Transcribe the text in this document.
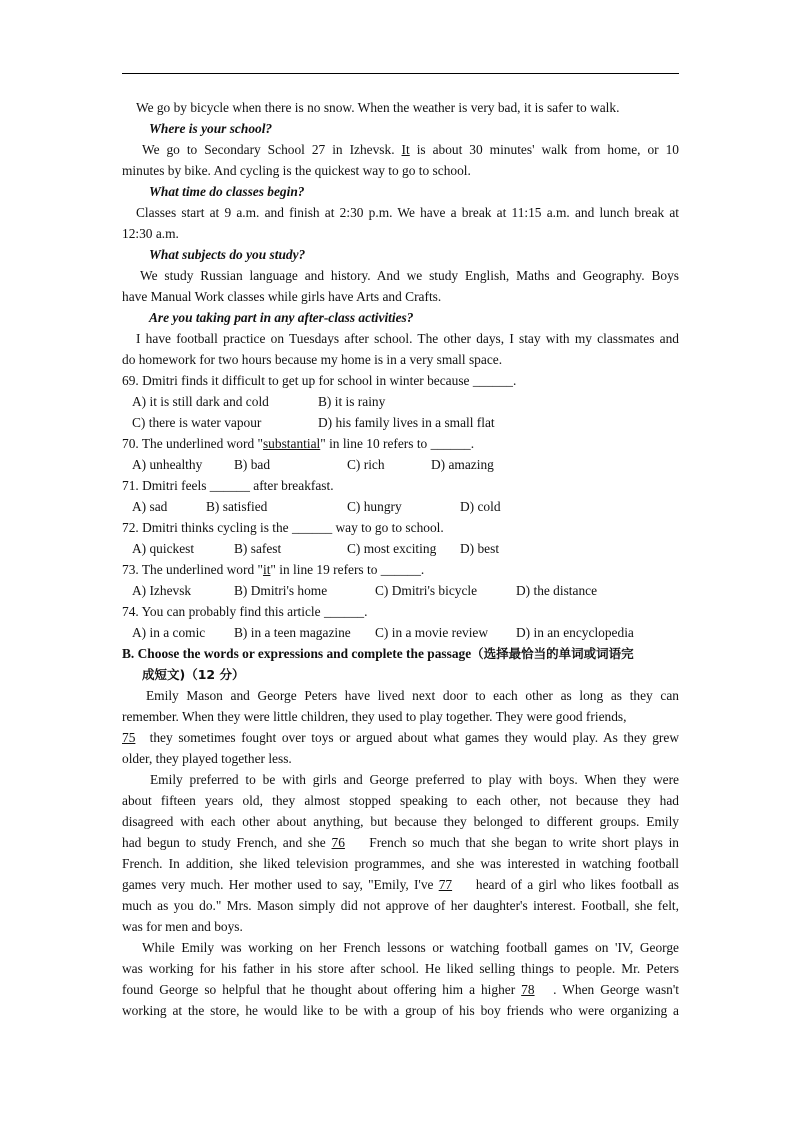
We go by bicycle when there is no snow. When the weather is very bad, it is safer to walk.
Where is your school?
We go to Secondary School 27 in Izhevsk. It is about 30 minutes' walk from home, or 10
minutes by bike. And cycling is the quickest way to go to school.
What time do classes begin?
Classes start at 9 a.m. and finish at 2:30 p.m. We have a break at 11:15 a.m. and lunch break at
12:30 a.m.
What subjects do you study?
We study Russian language and history. And we study English, Maths and Geography. Boys
have Manual Work classes while girls have Arts and Crafts.
Are you taking part in any after-class activities?
I have football practice on Tuesdays after school. The other days, I stay with my classmates and
do homework for two hours because my home is in a very small space.
69. Dmitri finds it difficult to get up for school in winter because ______.
A) it is still dark and cold	B) it is rainy
C) there is water vapour	D) his family lives in a small flat
70. The underlined word "substantial" in line 10 refers to ______.
A) unhealthy	B) bad	C) rich	D) amazing
71. Dmitri feels ______ after breakfast.
A) sad	B) satisfied	C) hungry	D) cold
72. Dmitri thinks cycling is the ______ way to go to school.
A) quickest	B) safest	C) most exciting	D) best
73. The underlined word "it" in line 19 refers to ______.
A) Izhevsk	B) Dmitri's home	C) Dmitri's bicycle	D) the distance
74. You can probably find this article ______.
A) in a comic	B) in a teen magazine	C) in a movie review	D) in an encyclopedia
B. Choose the words or expressions and complete the passage（选择最恰当的单词或词语完
成短文)（12 分）
Emily Mason and George Peters have lived next door to each other as long as they can
remember. When they were little children, they used to play together. They were good friends,
75 they sometimes fought over toys or argued about what games they would play. As they grew
older, they played together less.
Emily preferred to be with girls and George preferred to play with boys. When they were
about fifteen years old, they almost stopped speaking to each other, not because they had
disagreed with each other about anything, but because they belonged to different groups. Emily
had begun to study French, and she 76 French so much that she began to write short plays in
French. In addition, she liked television programmes, and she was interested in watching football
games very much. Her mother used to say, "Emily, I've 77 heard of a girl who likes football as
much as you do." Mrs. Mason simply did not approve of her daughter's interest. Football, she felt,
was for men and boys.
While Emily was working on her French lessons or watching football games on 'IV, George
was working for his father in his store after school. He liked selling things to people. Mr. Peters
found George so helpful that he thought about offering him a higher 78 . When George wasn't
working at the store, he would like to be with a group of his boy friends who were organizing a
